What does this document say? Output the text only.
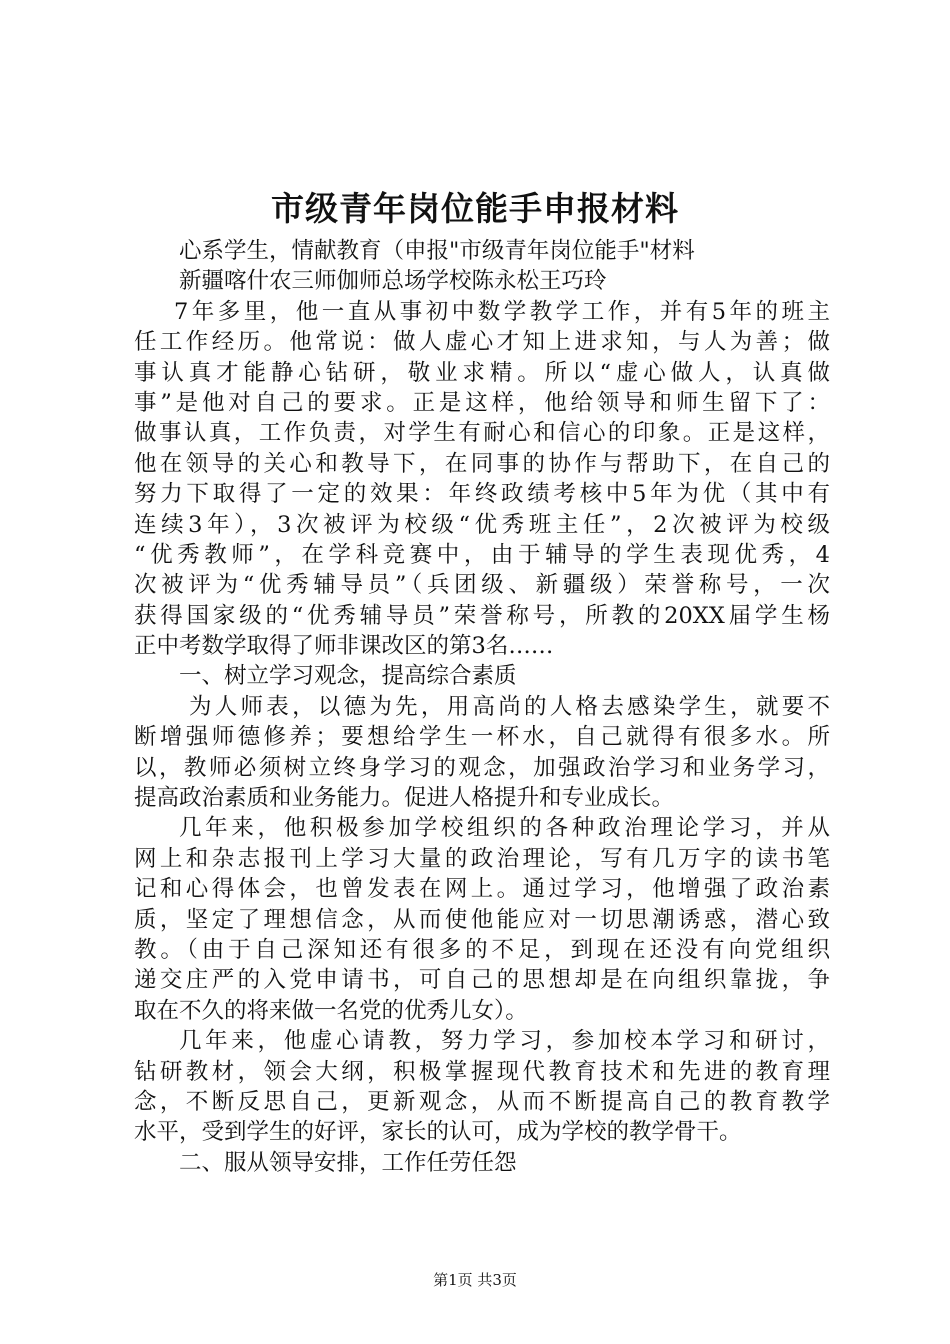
市级青年岗位能手申报材料
心系学生，情献教育（申报"市级青年岗位能手"材料
新疆喀什农三师伽师总场学校陈永松王巧玲
7年多里，他一直从事初中数学教学工作，并有5年的班主
任工作经历。他常说：做人虚心才知上进求知，与人为善；做
事认真才能静心钻研，敬业求精。所以“虚心做人，认真做
事”是他对自己的要求。正是这样，他给领导和师生留下了：
做事认真，工作负责，对学生有耐心和信心的印象。正是这样，
他在领导的关心和教导下，在同事的协作与帮助下，在自己的
努力下取得了一定的效果：年终政绩考核中5年为优（其中有
连续3年），3次被评为校级“优秀班主任”，2次被评为校级
“优秀教师”，在学科竞赛中，由于辅导的学生表现优秀，4
次被评为“优秀辅导员”（兵团级、新疆级）荣誉称号，一次
获得国家级的“优秀辅导员”荣誉称号，所教的20XX届学生杨
正中考数学取得了师非课改区的第3名……
一、树立学习观念，提高综合素质
为人师表，以德为先，用高尚的人格去感染学生，就要不
断增强师德修养；要想给学生一杯水，自己就得有很多水。所
以，教师必须树立终身学习的观念，加强政治学习和业务学习，
提高政治素质和业务能力。促进人格提升和专业成长。
几年来，他积极参加学校组织的各种政治理论学习，并从
网上和杂志报刊上学习大量的政治理论，写有几万字的读书笔
记和心得体会，也曾发表在网上。通过学习，他增强了政治素
质，坚定了理想信念，从而使他能应对一切思潮诱惑，潜心致
教。（由于自己深知还有很多的不足，到现在还没有向党组织
递交庄严的入党申请书，可自己的思想却是在向组织靠拢，争
取在不久的将来做一名党的优秀儿女）。
几年来，他虚心请教，努力学习，参加校本学习和研讨，
钻研教材，领会大纲，积极掌握现代教育技术和先进的教育理
念，不断反思自己，更新观念，从而不断提高自己的教育教学
水平，受到学生的好评，家长的认可，成为学校的教学骨干。
二、服从领导安排，工作任劳任怨
第1页 共3页
